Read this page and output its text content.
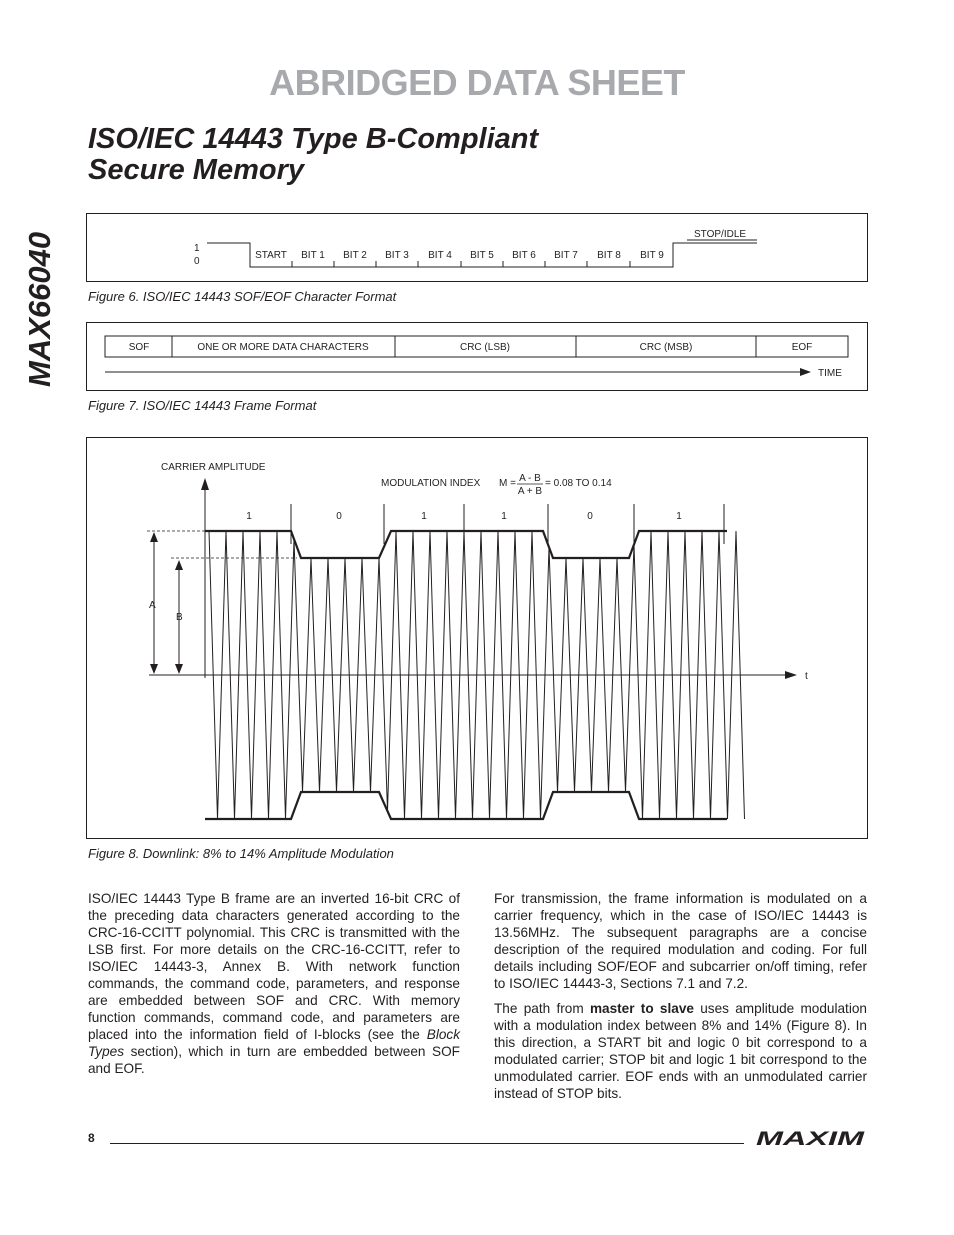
ABRIDGED DATA SHEET
ISO/IEC 14443 Type B-Compliant
Secure Memory
MAX66040	1
0
START BIT 1 BIT 2 BIT 3 BIT 4 BIT 5 BIT 6 BIT 7 BIT 8 BIT 9
STOP/IDLE
Figure 6. ISO/IEC 14443 SOF/EOF Character Format
SOF	ONE OR MORE DATA CHARACTERS	CRC (LSB)	CRC (MSB)	EOF
TIME
Figure 7. ISO/IEC 14443 Frame Format
CARRIER AMPLITUDE
MODULATION INDEX M = A - B
A + B
= 0.08 TO 0.14
t
A
B
1	0	1	1	0	1
Figure 8. Downlink: 8% to 14% Amplitude Modulation

ISO/IEC 14443 Type B frame are an inverted 16-bit CRC of the preceding data characters generated according to the CRC-16-CCITT polynomial. This CRC is transmitted with the LSB first. For more details on the CRC-16-CCITT, refer to ISO/IEC 14443-3, Annex B. With network function commands, the command code, parameters, and response are embedded between SOF and CRC. With memory function commands, command code, and parameters are placed into the information field of I-blocks (see the Block Types section), which in turn are embedded between SOF and EOF.

For transmission, the frame information is modulated on a carrier frequency, which in the case of ISO/IEC 14443 is 13.56MHz. The subsequent paragraphs are a concise description of the required modulation and coding. For full details including SOF/EOF and subcarrier on/off timing, refer to ISO/IEC 14443-3, Sections 7.1 and 7.2.

The path from master to slave uses amplitude modulation with a modulation index between 8% and 14% (Figure 8). In this direction, a START bit and logic 0 bit correspond to a modulated carrier; STOP bit and logic 1 bit correspond to the unmodulated carrier. EOF ends with an unmodulated carrier instead of STOP bits.

8	MAXIM
